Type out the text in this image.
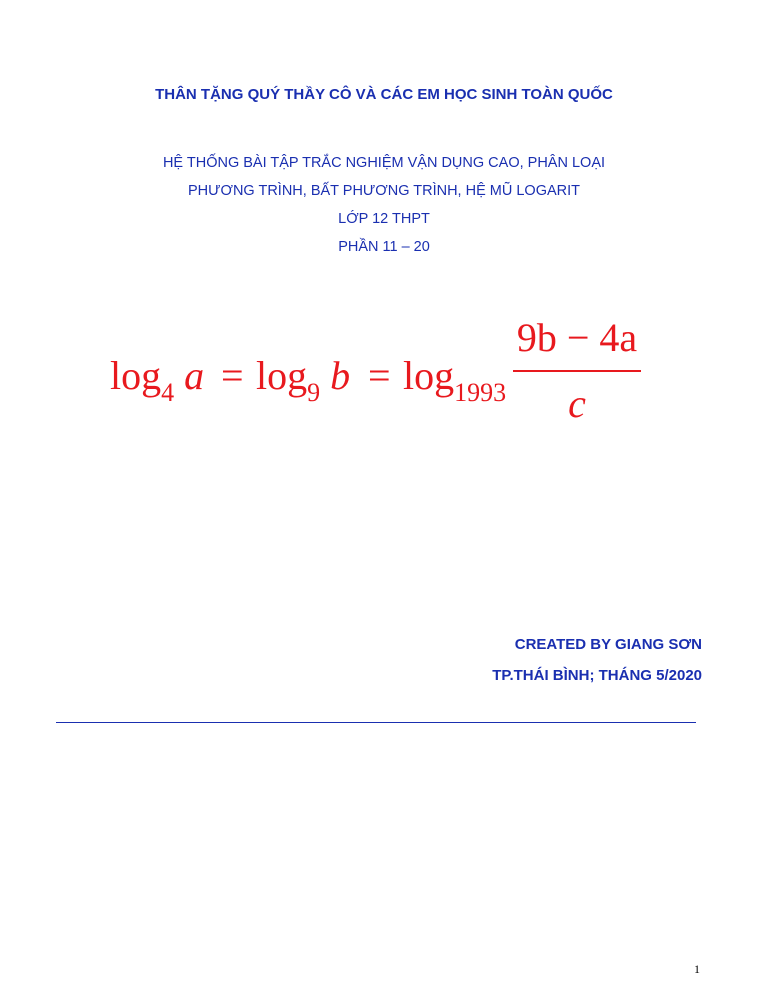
THÂN TẶNG QUÝ THẦY CÔ VÀ CÁC EM HỌC SINH TOÀN QUỐC
HỆ THỐNG BÀI TẬP TRẮC NGHIỆM VẬN DỤNG CAO, PHÂN LOẠI
PHƯƠNG TRÌNH, BẤT PHƯƠNG TRÌNH, HỆ MŨ LOGARIT
LỚP 12 THPT
PHẦN 11 – 20
$\log_4 a = \log_9 b = \log_{1993}$
9b − 4a
c
CREATED BY GIANG SƠN
TP.THÁI BÌNH; THÁNG 5/2020
1
